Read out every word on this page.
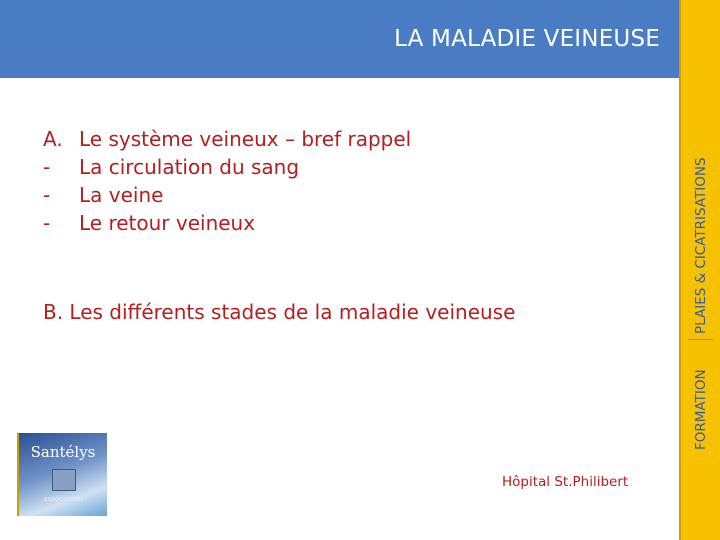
LA MALADIE VEINEUSE
FORMATION
PLAIES & CICATRISATIONS
A. Le système veineux – bref rappel
-	La circulation du sang
-	La veine
-	Le retour veineux
B. Les différents stades de la maladie veineuse
Santélys
association
Hôpital St.Philibert
